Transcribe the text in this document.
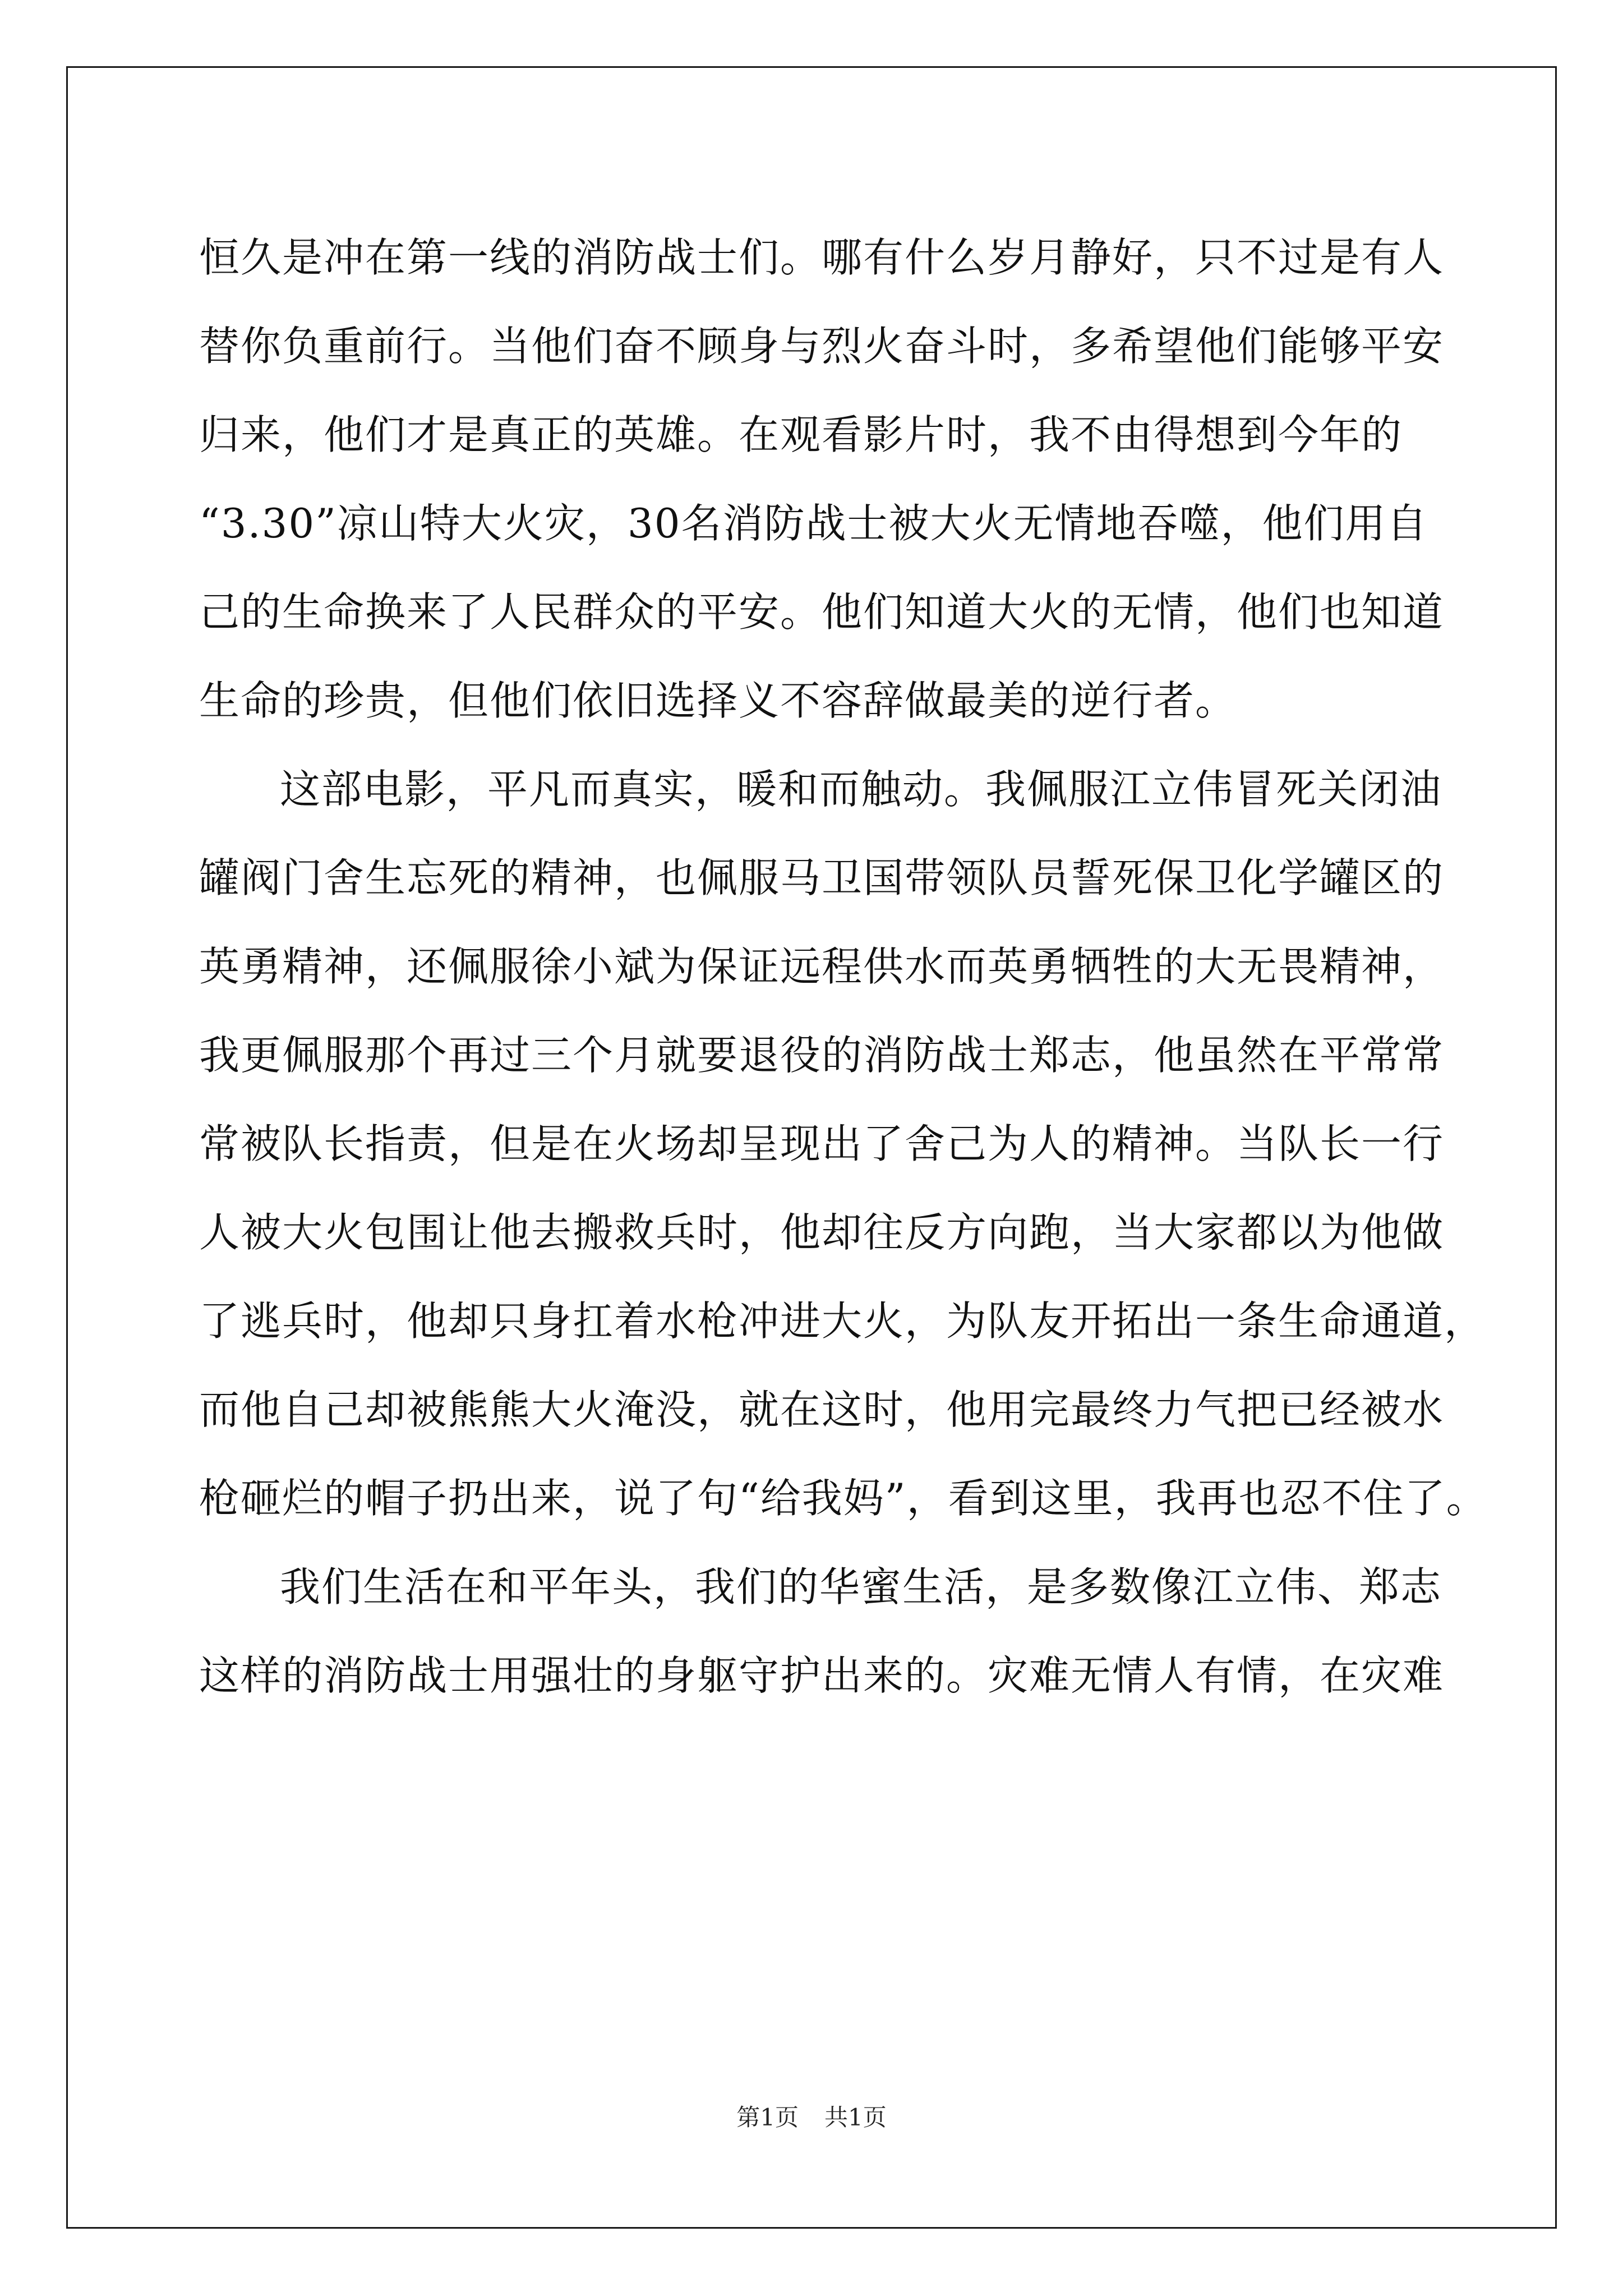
恒久是冲在第一线的消防战士们。哪有什么岁月静好，只不过是有人
替你负重前行。当他们奋不顾身与烈火奋斗时，多希望他们能够平安
归来，他们才是真正的英雄。在观看影片时，我不由得想到今年的
“3.30”凉山特大火灾，30名消防战士被大火无情地吞噬，他们用自
己的生命换来了人民群众的平安。他们知道大火的无情，他们也知道
生命的珍贵，但他们依旧选择义不容辞做最美的逆行者。
这部电影，平凡而真实，暖和而触动。我佩服江立伟冒死关闭油
罐阀门舍生忘死的精神，也佩服马卫国带领队员誓死保卫化学罐区的
英勇精神，还佩服徐小斌为保证远程供水而英勇牺牲的大无畏精神，
我更佩服那个再过三个月就要退役的消防战士郑志，他虽然在平常常
常被队长指责，但是在火场却呈现出了舍己为人的精神。当队长一行
人被大火包围让他去搬救兵时，他却往反方向跑，当大家都以为他做
了逃兵时，他却只身扛着水枪冲进大火，为队友开拓出一条生命通道，
而他自己却被熊熊大火淹没，就在这时，他用完最终力气把已经被水
枪砸烂的帽子扔出来，说了句“给我妈”，看到这里，我再也忍不住了。
我们生活在和平年头，我们的华蜜生活，是多数像江立伟、郑志
这样的消防战士用强壮的身躯守护出来的。灾难无情人有情，在灾难
第1页 共1页
